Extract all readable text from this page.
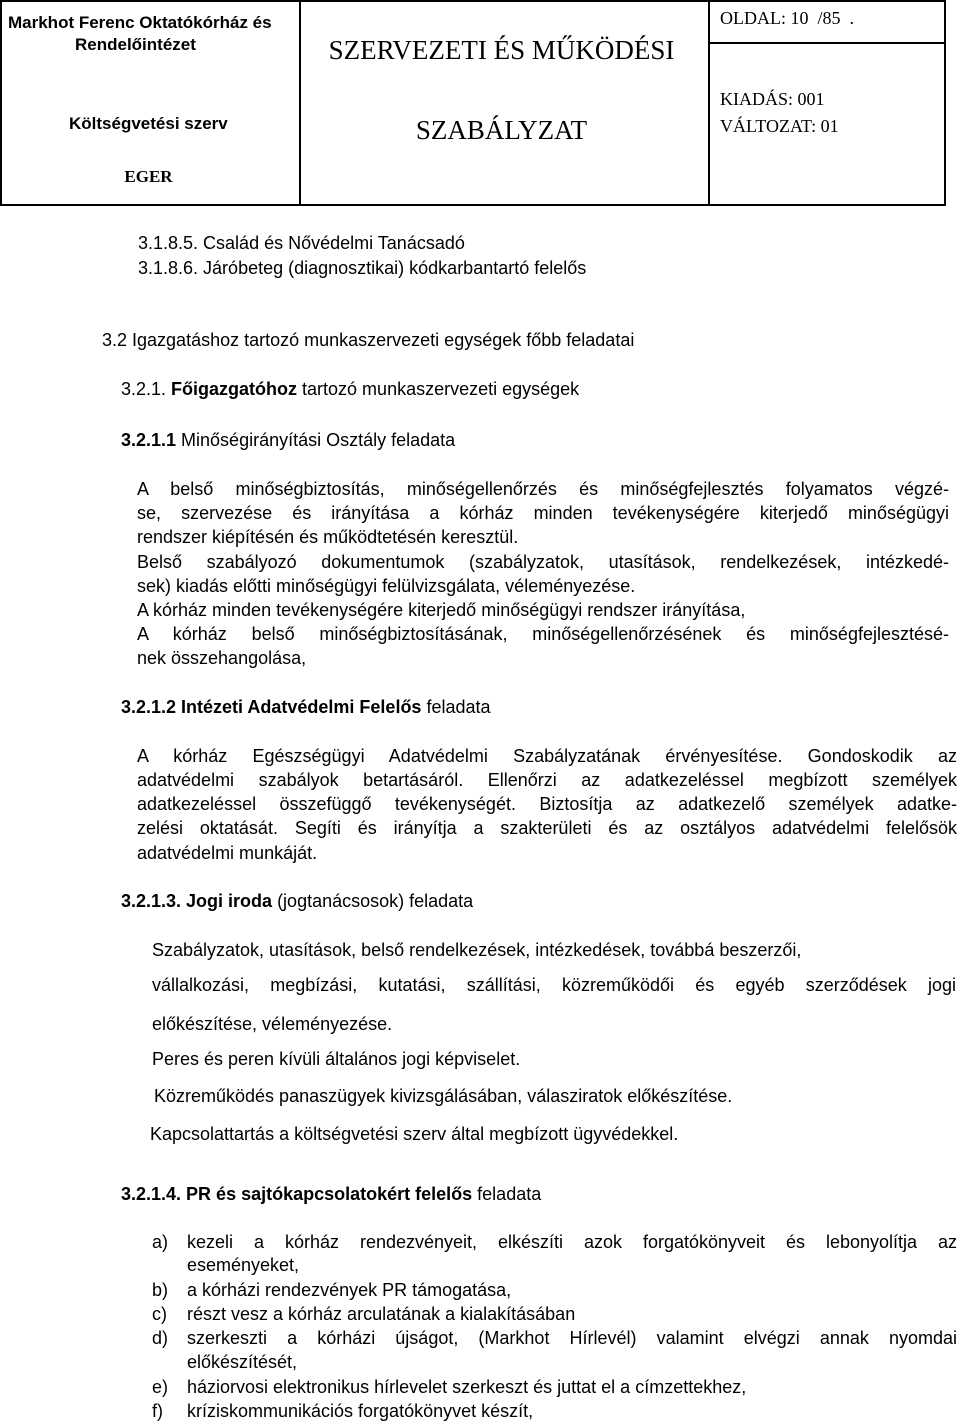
Markhot Ferenc Oktatókórház és
Rendelőintézet
Költségvetési szerv
EGER
SZERVEZETI ÉS MŰKÖDÉSI
SZABÁLYZAT
OLDAL: 10  /85  .
KIADÁS: 001
VÁLTOZAT: 01
3.1.8.5. Család és Nővédelmi Tanácsadó
3.1.8.6. Járóbeteg (diagnosztikai) kódkarbantartó felelős
3.2 Igazgatáshoz tartozó munkaszervezeti egységek főbb feladatai
3.2.1. Főigazgatóhoz tartozó munkaszervezeti egységek
3.2.1.1 Minőségirányítási Osztály feladata
A belső minőségbiztosítás, minőségellenőrzés és minőségfejlesztés folyamatos végzé-
se, szervezése és irányítása a kórház minden tevékenységére kiterjedő minőségügyi
rendszer kiépítésén és működtetésén keresztül.
Belső szabályozó dokumentumok (szabályzatok, utasítások, rendelkezések, intézkedé-
sek) kiadás előtti minőségügyi felülvizsgálata, véleményezése.
A kórház minden tevékenységére kiterjedő minőségügyi rendszer irányítása,
A kórház belső minőségbiztosításának, minőségellenőrzésének és minőségfejlesztésé-
nek összehangolása,
3.2.1.2 Intézeti Adatvédelmi Felelős feladata
A kórház Egészségügyi Adatvédelmi Szabályzatának érvényesítése. Gondoskodik az
adatvédelmi szabályok betartásáról. Ellenőrzi az adatkezeléssel megbízott személyek
adatkezeléssel összefüggő tevékenységét. Biztosítja az adatkezelő személyek adatke-
zelési oktatását. Segíti és irányítja a szakterületi és az osztályos adatvédelmi felelősök
adatvédelmi munkáját.
3.2.1.3. Jogi iroda (jogtanácsosok) feladata
Szabályzatok, utasítások, belső rendelkezések, intézkedések, továbbá beszerzői,
vállalkozási, megbízási, kutatási, szállítási, közreműködői és egyéb szerződések jogi
előkészítése, véleményezése.
Peres és peren kívüli általános jogi képviselet.
Közreműködés panaszügyek kivizsgálásában, válasziratok előkészítése.
Kapcsolattartás a költségvetési szerv által megbízott ügyvédekkel.
3.2.1.4. PR és sajtókapcsolatokért felelős feladata
a) kezeli a kórház rendezvényeit, elkészíti azok forgatókönyveit és lebonyolítja az
eseményeket,
b) a kórházi rendezvények PR támogatása,
c) részt vesz a kórház arculatának a kialakításában
d) szerkeszti a kórházi újságot, (Markhot Hírlevél) valamint elvégzi annak nyomdai
előkészítését,
e) háziorvosi elektronikus hírlevelet szerkeszt és juttat el a címzettekhez,
f) kríziskommunikációs forgatókönyvet készít,
